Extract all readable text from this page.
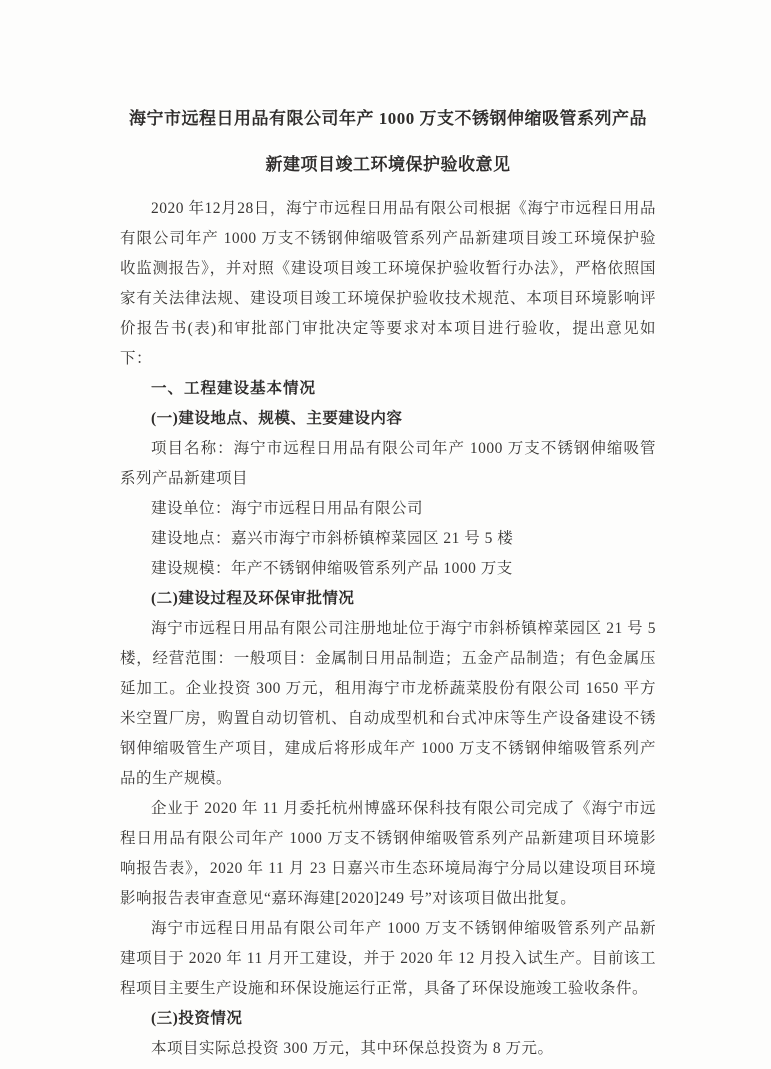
海宁市远程日用品有限公司年产 1000 万支不锈钢伸缩吸管系列产品
新建项目竣工环境保护验收意见

2020 年12月28日，海宁市远程日用品有限公司根据《海宁市远程日用品有限公司年产 1000 万支不锈钢伸缩吸管系列产品新建项目竣工环境保护验收监测报告》，并对照《建设项目竣工环境保护验收暂行办法》，严格依照国家有关法律法规、建设项目竣工环境保护验收技术规范、本项目环境影响评价报告书(表)和审批部门审批决定等要求对本项目进行验收，提出意见如下：

一、工程建设基本情况

(一)建设地点、规模、主要建设内容

项目名称：海宁市远程日用品有限公司年产 1000 万支不锈钢伸缩吸管系列产品新建项目

建设单位：海宁市远程日用品有限公司

建设地点：嘉兴市海宁市斜桥镇榨菜园区 21 号 5 楼

建设规模：年产不锈钢伸缩吸管系列产品 1000 万支

(二)建设过程及环保审批情况

海宁市远程日用品有限公司注册地址位于海宁市斜桥镇榨菜园区 21 号 5 楼，经营范围：一般项目：金属制日用品制造；五金产品制造；有色金属压延加工。企业投资 300 万元，租用海宁市龙桥蔬菜股份有限公司 1650 平方米空置厂房，购置自动切管机、自动成型机和台式冲床等生产设备建设不锈钢伸缩吸管生产项目，建成后将形成年产 1000 万支不锈钢伸缩吸管系列产品的生产规模。

企业于 2020 年 11 月委托杭州博盛环保科技有限公司完成了《海宁市远程日用品有限公司年产 1000 万支不锈钢伸缩吸管系列产品新建项目环境影响报告表》，2020 年 11 月 23 日嘉兴市生态环境局海宁分局以建设项目环境影响报告表审查意见“嘉环海建[2020]249 号”对该项目做出批复。

海宁市远程日用品有限公司年产 1000 万支不锈钢伸缩吸管系列产品新建项目于 2020 年 11 月开工建设，并于 2020 年 12 月投入试生产。目前该工程项目主要生产设施和环保设施运行正常，具备了环保设施竣工验收条件。

(三)投资情况

本项目实际总投资 300 万元，其中环保总投资为 8 万元。
